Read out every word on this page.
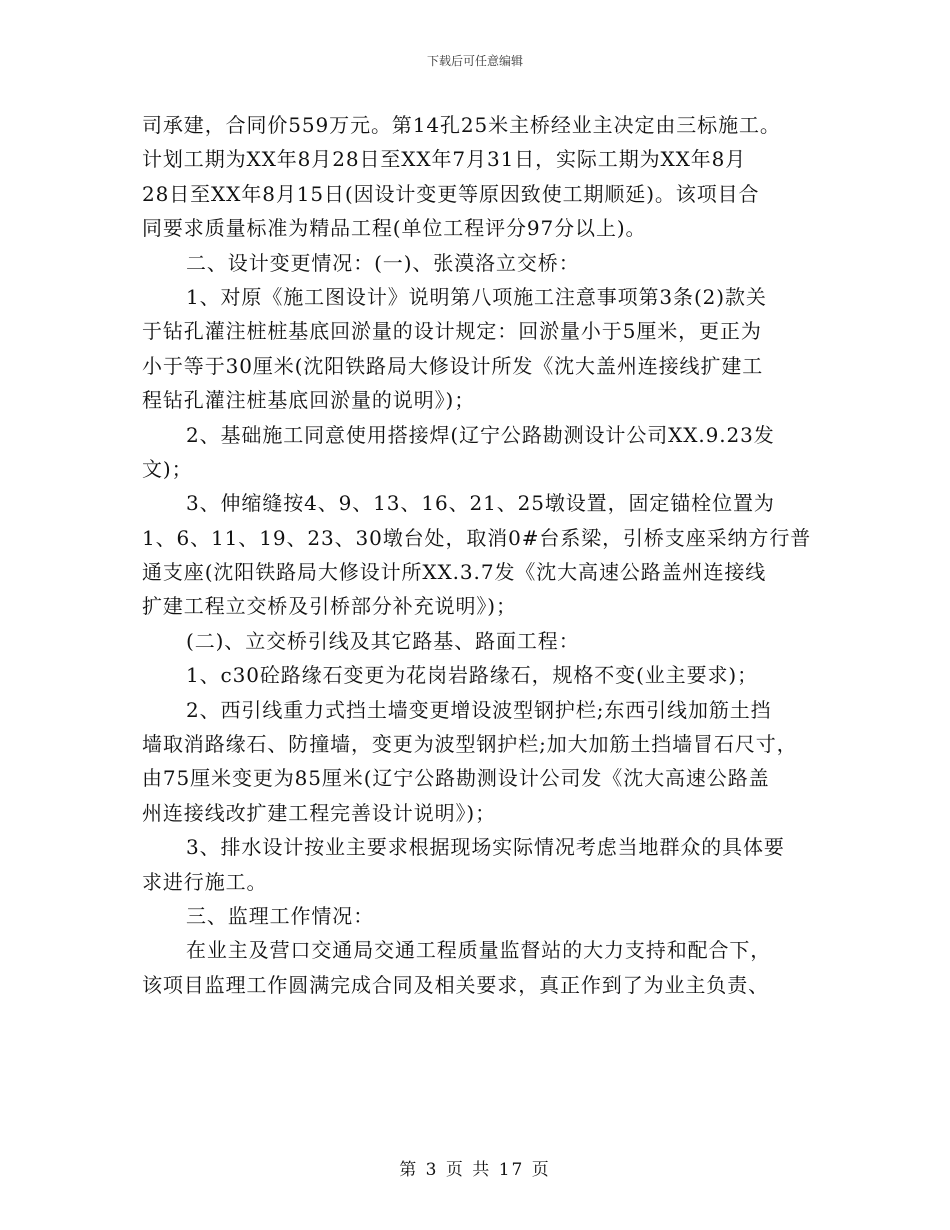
下载后可任意编辑
司承建，合同价559万元。第14孔25米主桥经业主决定由三标施工。
计划工期为XX年8月28日至XX年7月31日，实际工期为XX年8月
28日至XX年8月15日(因设计变更等原因致使工期顺延)。该项目合
同要求质量标准为精品工程(单位工程评分97分以上)。
二、设计变更情况：(一)、张漠洛立交桥：
1、对原《施工图设计》说明第八项施工注意事项第3条(2)款关
于钻孔灌注桩桩基底回淤量的设计规定：回淤量小于5厘米，更正为
小于等于30厘米(沈阳铁路局大修设计所发《沈大盖州连接线扩建工
程钻孔灌注桩基底回淤量的说明》)；
2、基础施工同意使用搭接焊(辽宁公路勘测设计公司XX.9.23发
文)；
3、伸缩缝按4、9、13、16、21、25墩设置，固定锚栓位置为
1、6、11、19、23、30墩台处，取消0#台系梁，引桥支座采纳方行普
通支座(沈阳铁路局大修设计所XX.3.7发《沈大高速公路盖州连接线
扩建工程立交桥及引桥部分补充说明》)；
(二)、立交桥引线及其它路基、路面工程：
1、c30砼路缘石变更为花岗岩路缘石，规格不变(业主要求)；
2、西引线重力式挡土墙变更增设波型钢护栏;东西引线加筋土挡
墙取消路缘石、防撞墙，变更为波型钢护栏;加大加筋土挡墙冒石尺寸，
由75厘米变更为85厘米(辽宁公路勘测设计公司发《沈大高速公路盖
州连接线改扩建工程完善设计说明》)；
3、排水设计按业主要求根据现场实际情况考虑当地群众的具体要
求进行施工。
三、监理工作情况：
在业主及营口交通局交通工程质量监督站的大力支持和配合下，
该项目监理工作圆满完成合同及相关要求，真正作到了为业主负责、
第 3 页 共 17 页
